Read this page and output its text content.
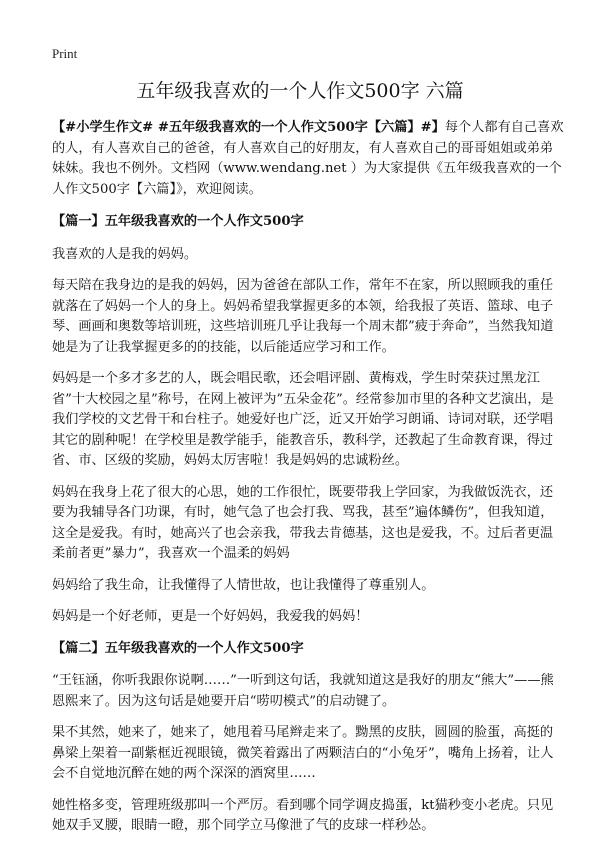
Print
五年级我喜欢的一个人作文500字 六篇

【#小学生作文# #五年级我喜欢的一个人作文500字【六篇】#】每个人都有自己喜欢的人，有人喜欢自己的爸爸，有人喜欢自己的好朋友，有人喜欢自己的哥哥姐姐或弟弟妹妹。我也不例外。文档网（www.wendang.net ）为大家提供《五年级我喜欢的一个人作文500字【六篇】》，欢迎阅读。

【篇一】五年级我喜欢的一个人作文500字

我喜欢的人是我的妈妈。

每天陪在我身边的是我的妈妈，因为爸爸在部队工作，常年不在家，所以照顾我的重任就落在了妈妈一个人的身上。妈妈希望我掌握更多的本领，给我报了英语、篮球、电子琴、画画和奥数等培训班，这些培训班几乎让我每一个周末都”疲于奔命”，当然我知道她是为了让我掌握更多的的技能，以后能适应学习和工作。

妈妈是一个多才多艺的人，既会唱民歌，还会唱评剧、黄梅戏，学生时荣获过黑龙江省”十大校园之星”称号，在网上被评为”五朵金花”。经常参加市里的各种文艺演出，是我们学校的文艺骨干和台柱子。她爱好也广泛，近又开始学习朗诵、诗词对联，还学唱其它的剧种呢！在学校里是教学能手，能教音乐，教科学，还教起了生命教育课，得过省、市、区级的奖励，妈妈太厉害啦！我是妈妈的忠诚粉丝。

妈妈在我身上花了很大的心思，她的工作很忙，既要带我上学回家，为我做饭洗衣，还要为我辅导各门功课，有时，她气急了也会打我、骂我，甚至”遍体鳞伤”，但我知道，这全是爱我。有时，她高兴了也会亲我，带我去肯德基，这也是爱我，不。过后者更温柔前者更”暴力”，我喜欢一个温柔的妈妈

妈妈给了我生命，让我懂得了人情世故，也让我懂得了尊重别人。

妈妈是一个好老师，更是一个好妈妈，我爱我的妈妈！

【篇二】五年级我喜欢的一个人作文500字

“王钰涵，你听我跟你说啊……”一听到这句话，我就知道这是我好的朋友“熊大”——熊恩熙来了。因为这句话是她要开启“唠叨模式”的启动键了。

果不其然，她来了，她来了，她甩着马尾辫走来了。黝黑的皮肤，圆圆的脸蛋，高挺的鼻梁上架着一副紫框近视眼镜，微笑着露出了两颗洁白的“小兔牙”，嘴角上扬着，让人会不自觉地沉醉在她的两个深深的酒窝里……

她性格多变，管理班级那叫一个严厉。看到哪个同学调皮捣蛋，kt猫秒变小老虎。只见她双手叉腰，眼睛一瞪，那个同学立马像泄了气的皮球一样秒怂。
